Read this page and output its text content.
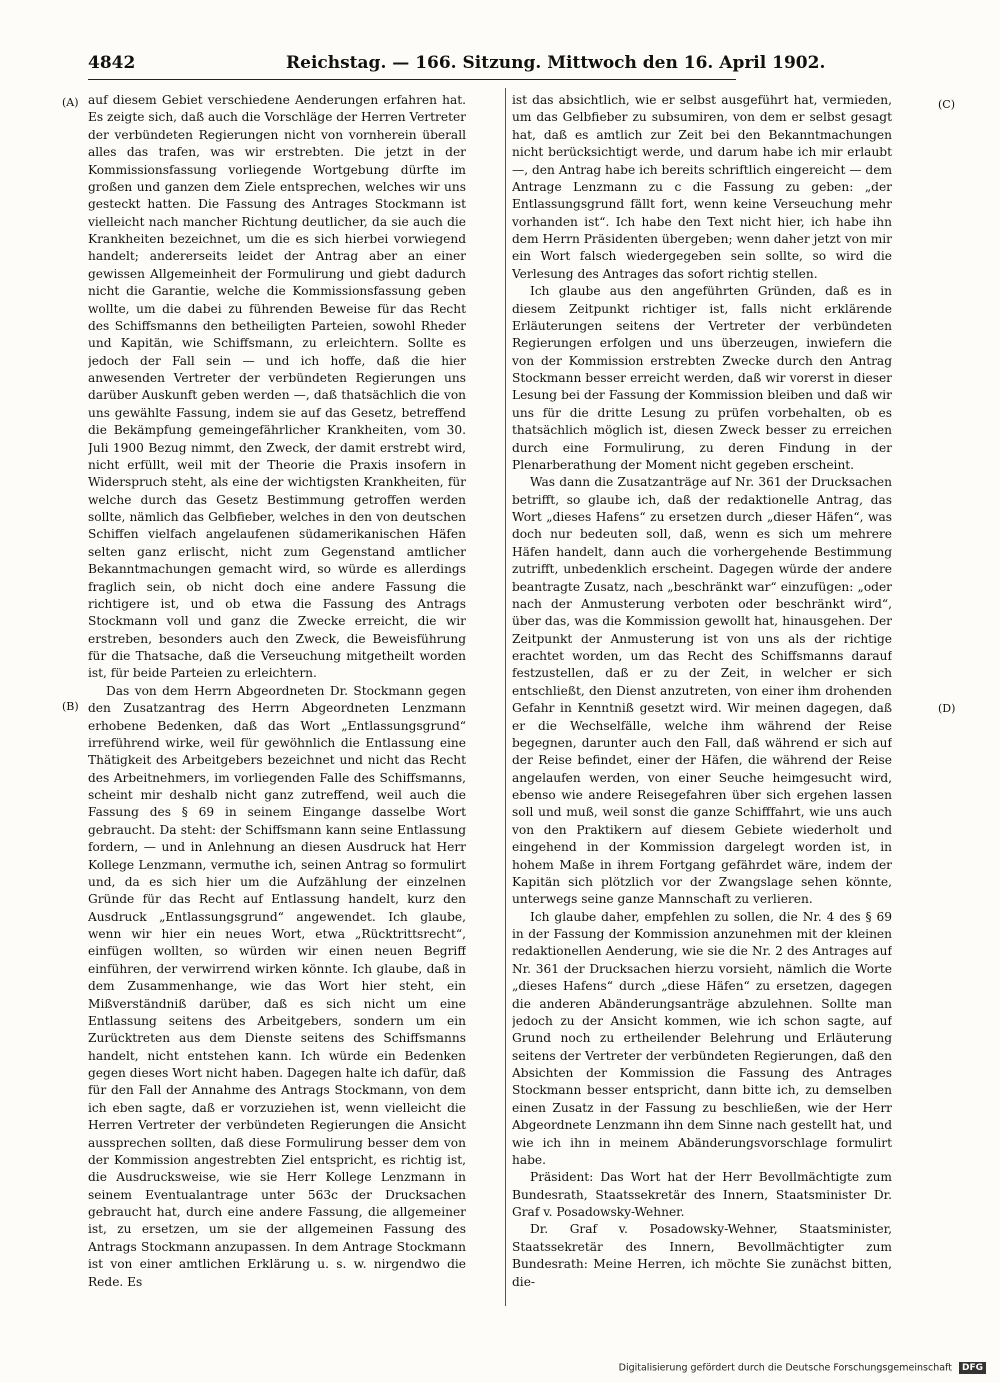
4842	Reichstag. — 166. Sitzung. Mittwoch den 16. April 1902.
(A)
(B)
(C)
(D)

auf diesem Gebiet verschiedene Aenderungen erfahren hat. Es zeigte sich, daß auch die Vorschläge der Herren Vertreter der verbündeten Regierungen nicht von vornherein überall alles das trafen, was wir erstrebten. Die jetzt in der Kommissionsfassung vorliegende Wortgebung dürfte im großen und ganzen dem Ziele entsprechen, welches wir uns gesteckt hatten. Die Fassung des Antrages Stockmann ist vielleicht nach mancher Richtung deutlicher, da sie auch die Krankheiten bezeichnet, um die es sich hierbei vorwiegend handelt; andererseits leidet der Antrag aber an einer gewissen Allgemeinheit der Formulirung und giebt dadurch nicht die Garantie, welche die Kommissionsfassung geben wollte, um die dabei zu führenden Beweise für das Recht des Schiffsmanns den betheiligten Parteien, sowohl Rheder und Kapitän, wie Schiffsmann, zu erleichtern. Sollte es jedoch der Fall sein — und ich hoffe, daß die hier anwesenden Vertreter der verbündeten Regierungen uns darüber Auskunft geben werden —, daß thatsächlich die von uns gewählte Fassung, indem sie auf das Gesetz, betreffend die Bekämpfung gemeingefährlicher Krankheiten, vom 30. Juli 1900 Bezug nimmt, den Zweck, der damit erstrebt wird, nicht erfüllt, weil mit der Theorie die Praxis insofern in Widerspruch steht, als eine der wichtigsten Krankheiten, für welche durch das Gesetz Bestimmung getroffen werden sollte, nämlich das Gelbfieber, welches in den von deutschen Schiffen vielfach angelaufenen südamerikanischen Häfen selten ganz erlischt, nicht zum Gegenstand amtlicher Bekanntmachungen gemacht wird, so würde es allerdings fraglich sein, ob nicht doch eine andere Fassung die richtigere ist, und ob etwa die Fassung des Antrags Stockmann voll und ganz die Zwecke erreicht, die wir erstreben, besonders auch den Zweck, die Beweisführung für die Thatsache, daß die Verseuchung mitgetheilt worden ist, für beide Parteien zu erleichtern.

Das von dem Herrn Abgeordneten Dr. Stockmann gegen den Zusatzantrag des Herrn Abgeordneten Lenzmann erhobene Bedenken, daß das Wort „Entlassungsgrund“ irreführend wirke, weil für gewöhnlich die Entlassung eine Thätigkeit des Arbeitgebers bezeichnet und nicht das Recht des Arbeitnehmers, im vorliegenden Falle des Schiffsmanns, scheint mir deshalb nicht ganz zutreffend, weil auch die Fassung des § 69 in seinem Eingange dasselbe Wort gebraucht. Da steht: der Schiffsmann kann seine Entlassung fordern, — und in Anlehnung an diesen Ausdruck hat Herr Kollege Lenzmann, vermuthe ich, seinen Antrag so formulirt und, da es sich hier um die Aufzählung der einzelnen Gründe für das Recht auf Entlassung handelt, kurz den Ausdruck „Entlassungsgrund“ angewendet. Ich glaube, wenn wir hier ein neues Wort, etwa „Rücktrittsrecht“, einfügen wollten, so würden wir einen neuen Begriff einführen, der verwirrend wirken könnte. Ich glaube, daß in dem Zusammenhange, wie das Wort hier steht, ein Mißverständniß darüber, daß es sich nicht um eine Entlassung seitens des Arbeitgebers, sondern um ein Zurücktreten aus dem Dienste seitens des Schiffsmanns handelt, nicht entstehen kann. Ich würde ein Bedenken gegen dieses Wort nicht haben. Dagegen halte ich dafür, daß für den Fall der Annahme des Antrags Stockmann, von dem ich eben sagte, daß er vorzuziehen ist, wenn vielleicht die Herren Vertreter der verbündeten Regierungen die Ansicht aussprechen sollten, daß diese Formulirung besser dem von der Kommission angestrebten Ziel entspricht, es richtig ist, die Ausdrucksweise, wie sie Herr Kollege Lenzmann in seinem Eventualantrage unter 563c der Drucksachen gebraucht hat, durch eine andere Fassung, die allgemeiner ist, zu ersetzen, um sie der allgemeinen Fassung des Antrags Stockmann anzupassen. In dem Antrage Stockmann ist von einer amtlichen Erklärung u. s. w. nirgendwo die Rede. Es

ist das absichtlich, wie er selbst ausgeführt hat, vermieden, um das Gelbfieber zu subsumiren, von dem er selbst gesagt hat, daß es amtlich zur Zeit bei den Bekanntmachungen nicht berücksichtigt werde, und darum habe ich mir erlaubt —, den Antrag habe ich bereits schriftlich eingereicht — dem Antrage Lenzmann zu c die Fassung zu geben: „der Entlassungsgrund fällt fort, wenn keine Verseuchung mehr vorhanden ist“. Ich habe den Text nicht hier, ich habe ihn dem Herrn Präsidenten übergeben; wenn daher jetzt von mir ein Wort falsch wiedergegeben sein sollte, so wird die Verlesung des Antrages das sofort richtig stellen.

Ich glaube aus den angeführten Gründen, daß es in diesem Zeitpunkt richtiger ist, falls nicht erklärende Erläuterungen seitens der Vertreter der verbündeten Regierungen erfolgen und uns überzeugen, inwiefern die von der Kommission erstrebten Zwecke durch den Antrag Stockmann besser erreicht werden, daß wir vorerst in dieser Lesung bei der Fassung der Kommission bleiben und daß wir uns für die dritte Lesung zu prüfen vorbehalten, ob es thatsächlich möglich ist, diesen Zweck besser zu erreichen durch eine Formulirung, zu deren Findung in der Plenarberathung der Moment nicht gegeben erscheint.

Was dann die Zusatzanträge auf Nr. 361 der Drucksachen betrifft, so glaube ich, daß der redaktionelle Antrag, das Wort „dieses Hafens“ zu ersetzen durch „dieser Häfen“, was doch nur bedeuten soll, daß, wenn es sich um mehrere Häfen handelt, dann auch die vorhergehende Bestimmung zutrifft, unbedenklich erscheint. Dagegen würde der andere beantragte Zusatz, nach „beschränkt war“ einzufügen: „oder nach der Anmusterung verboten oder beschränkt wird“, über das, was die Kommission gewollt hat, hinausgehen. Der Zeitpunkt der Anmusterung ist von uns als der richtige erachtet worden, um das Recht des Schiffsmanns darauf festzustellen, daß er zu der Zeit, in welcher er sich entschließt, den Dienst anzutreten, von einer ihm drohenden Gefahr in Kenntniß gesetzt wird. Wir meinen dagegen, daß er die Wechselfälle, welche ihm während der Reise begegnen, darunter auch den Fall, daß während er sich auf der Reise befindet, einer der Häfen, die während der Reise angelaufen werden, von einer Seuche heimgesucht wird, ebenso wie andere Reisegefahren über sich ergehen lassen soll und muß, weil sonst die ganze Schifffahrt, wie uns auch von den Praktikern auf diesem Gebiete wiederholt und eingehend in der Kommission dargelegt worden ist, in hohem Maße in ihrem Fortgang gefährdet wäre, indem der Kapitän sich plötzlich vor der Zwangslage sehen könnte, unterwegs seine ganze Mannschaft zu verlieren.

Ich glaube daher, empfehlen zu sollen, die Nr. 4 des § 69 in der Fassung der Kommission anzunehmen mit der kleinen redaktionellen Aenderung, wie sie die Nr. 2 des Antrages auf Nr. 361 der Drucksachen hierzu vorsieht, nämlich die Worte „dieses Hafens“ durch „diese Häfen“ zu ersetzen, dagegen die anderen Abänderungsanträge abzulehnen. Sollte man jedoch zu der Ansicht kommen, wie ich schon sagte, auf Grund noch zu ertheilender Belehrung und Erläuterung seitens der Vertreter der verbündeten Regierungen, daß den Absichten der Kommission die Fassung des Antrages Stockmann besser entspricht, dann bitte ich, zu demselben einen Zusatz in der Fassung zu beschließen, wie der Herr Abgeordnete Lenzmann ihn dem Sinne nach gestellt hat, und wie ich ihn in meinem Abänderungsvorschlage formulirt habe.

Präsident: Das Wort hat der Herr Bevollmächtigte zum Bundesrath, Staatssekretär des Innern, Staatsminister Dr. Graf v. Posadowsky-Wehner.

Dr. Graf v. Posadowsky-Wehner, Staatsminister, Staatssekretär des Innern, Bevollmächtigter zum Bundesrath: Meine Herren, ich möchte Sie zunächst bitten, die-

Digitalisierung gefördert durch die Deutsche Forschungsgemeinschaft DFG
